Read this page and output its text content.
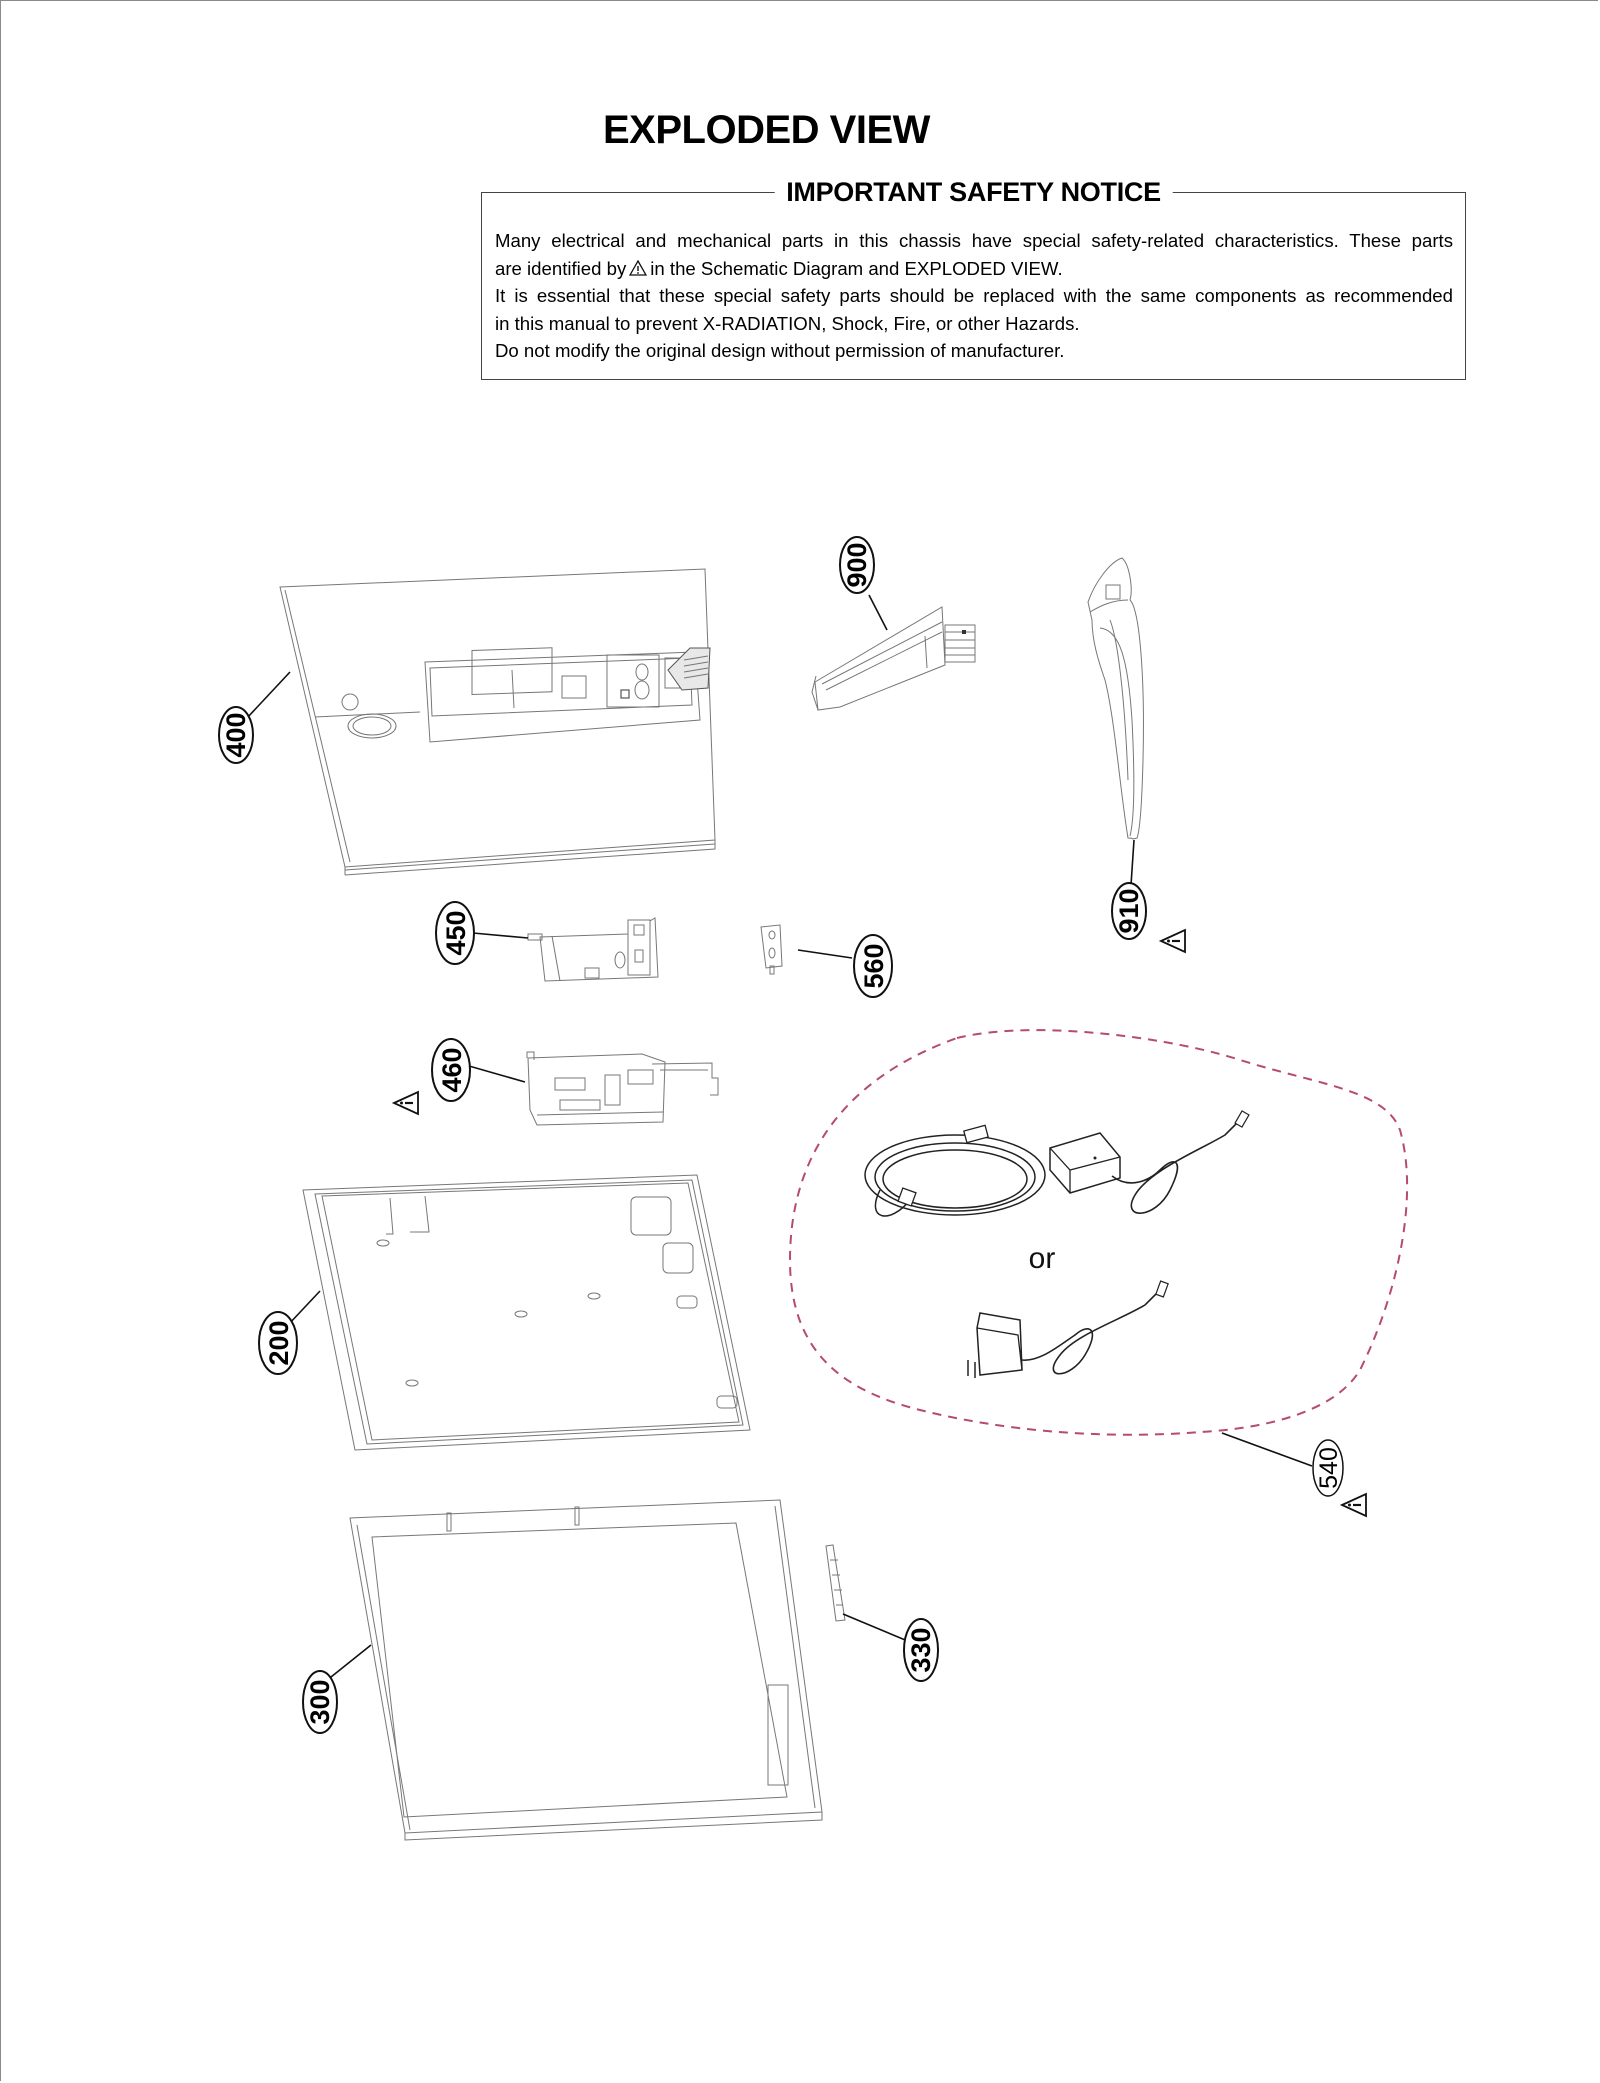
EXPLODED VIEW
IMPORTANT SAFETY NOTICE

Many electrical and mechanical parts in this chassis have special safety-related characteristics. These parts

are identified by in the Schematic Diagram and EXPLODED VIEW.

It is essential that these special safety parts should be replaced with the same components as recommended

in this manual to prevent X-RADIATION, Shock, Fire, or other Hazards.

Do not modify the original design without permission of manufacturer.

or
400
900
910
450
560
460
200
540
300
330
